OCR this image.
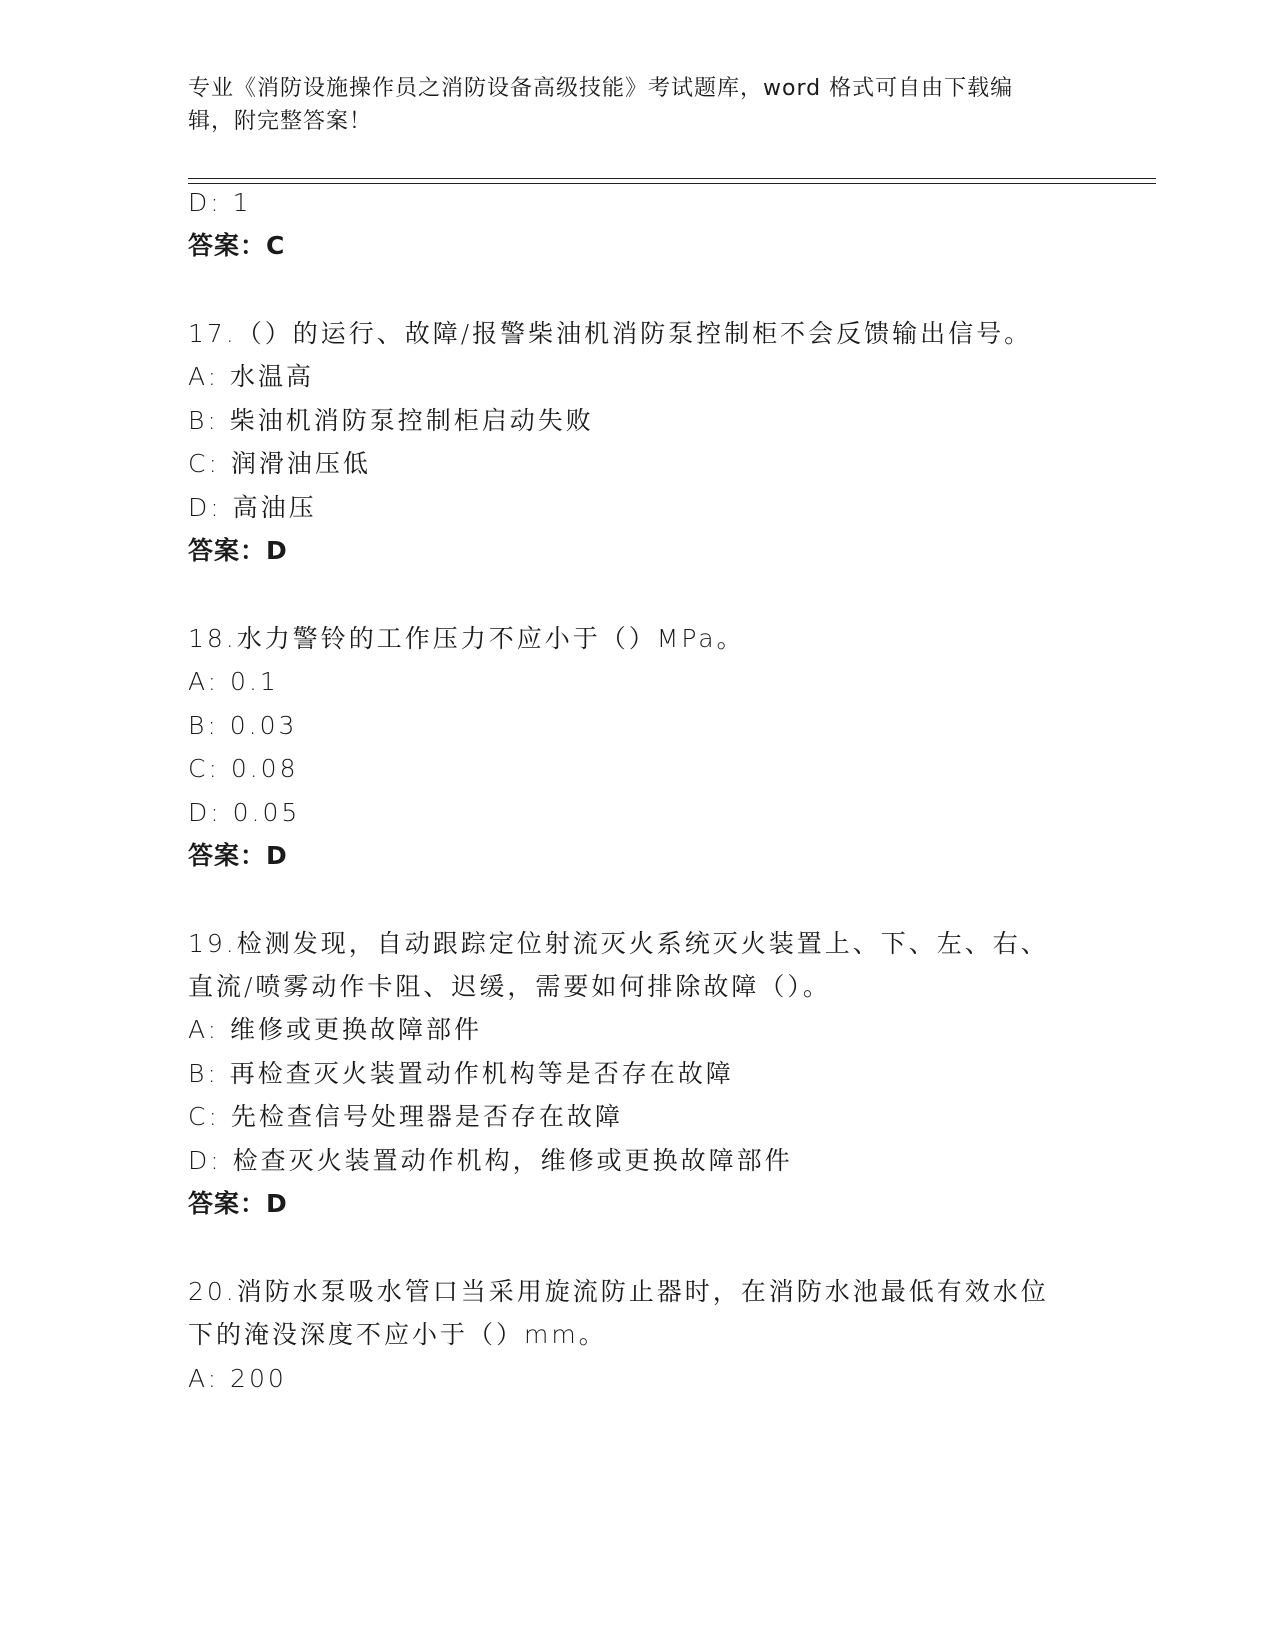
专业《消防设施操作员之消防设备高级技能》考试题库，word 格式可自由下载编
辑，附完整答案！
D: 1
答案：C
17.（）的运行、故障/报警柴油机消防泵控制柜不会反馈输出信号。
A: 水温高
B: 柴油机消防泵控制柜启动失败
C: 润滑油压低
D: 高油压
答案：D
18.水力警铃的工作压力不应小于（）MPa。
A: 0.1
B: 0.03
C: 0.08
D: 0.05
答案：D
19.检测发现，自动跟踪定位射流灭火系统灭火装置上、下、左、右、
直流/喷雾动作卡阻、迟缓，需要如何排除故障（）。
A: 维修或更换故障部件
B: 再检查灭火装置动作机构等是否存在故障
C: 先检查信号处理器是否存在故障
D: 检查灭火装置动作机构，维修或更换故障部件
答案：D
20.消防水泵吸水管口当采用旋流防止器时，在消防水池最低有效水位
下的淹没深度不应小于（）mm。
A: 200
